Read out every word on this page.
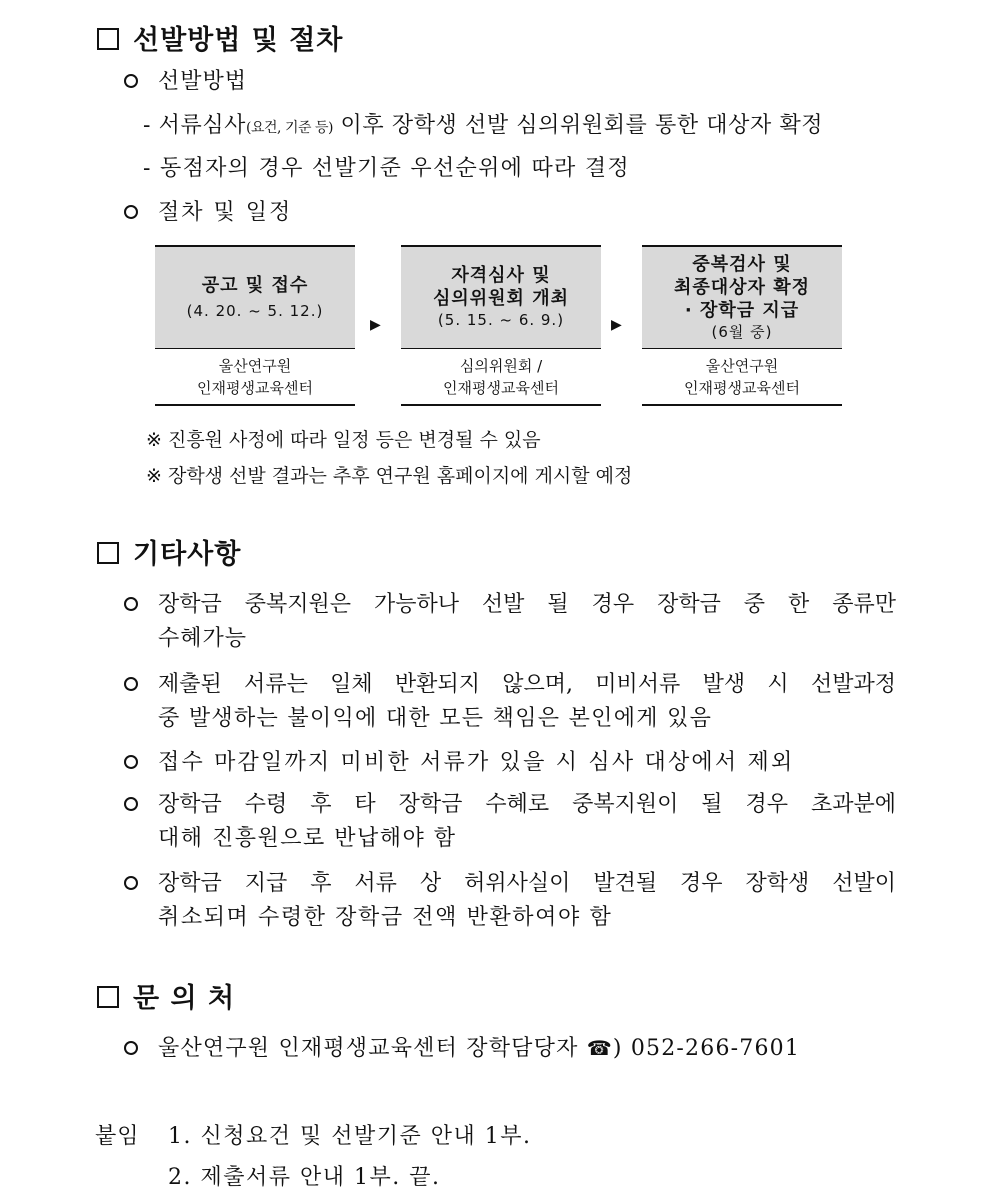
선발방법 및 절차
선발방법
- 서류심사(요건, 기준 등) 이후 장학생 선발 심의위원회를 통한 대상자 확정
- 동점자의 경우 선발기준 우선순위에 따라 결정
절차 및 일정
공고 및 접수
(4. 20. ~ 5. 12.)
울산연구원
인재평생교육센터
▶
자격심사 및
심의위원회 개최
(5. 15. ~ 6. 9.)
심의위원회 /
인재평생교육센터
▶
중복검사 및
최종대상자 확정
· 장학금 지급
(6월 중)
울산연구원
인재평생교육센터
※ 진흥원 사정에 따라 일정 등은 변경될 수 있음
※ 장학생 선발 결과는 추후 연구원 홈페이지에 게시할 예정
기타사항
장학금 중복지원은 가능하나 선발 될 경우 장학금 중 한 종류만
수혜가능
제출된 서류는 일체 반환되지 않으며, 미비서류 발생 시 선발과정
중 발생하는 불이익에 대한 모든 책임은 본인에게 있음
접수 마감일까지 미비한 서류가 있을 시 심사 대상에서 제외
장학금 수령 후 타 장학금 수혜로 중복지원이 될 경우 초과분에
대해 진흥원으로 반납해야 함
장학금 지급 후 서류 상 허위사실이 발견될 경우 장학생 선발이
취소되며 수령한 장학금 전액 반환하여야 함
문 의 처
울산연구원 인재평생교육센터 장학담당자 ☎) 052-266-7601
붙임 1. 신청요건 및 선발기준 안내 1부.
2. 제출서류 안내 1부. 끝.
